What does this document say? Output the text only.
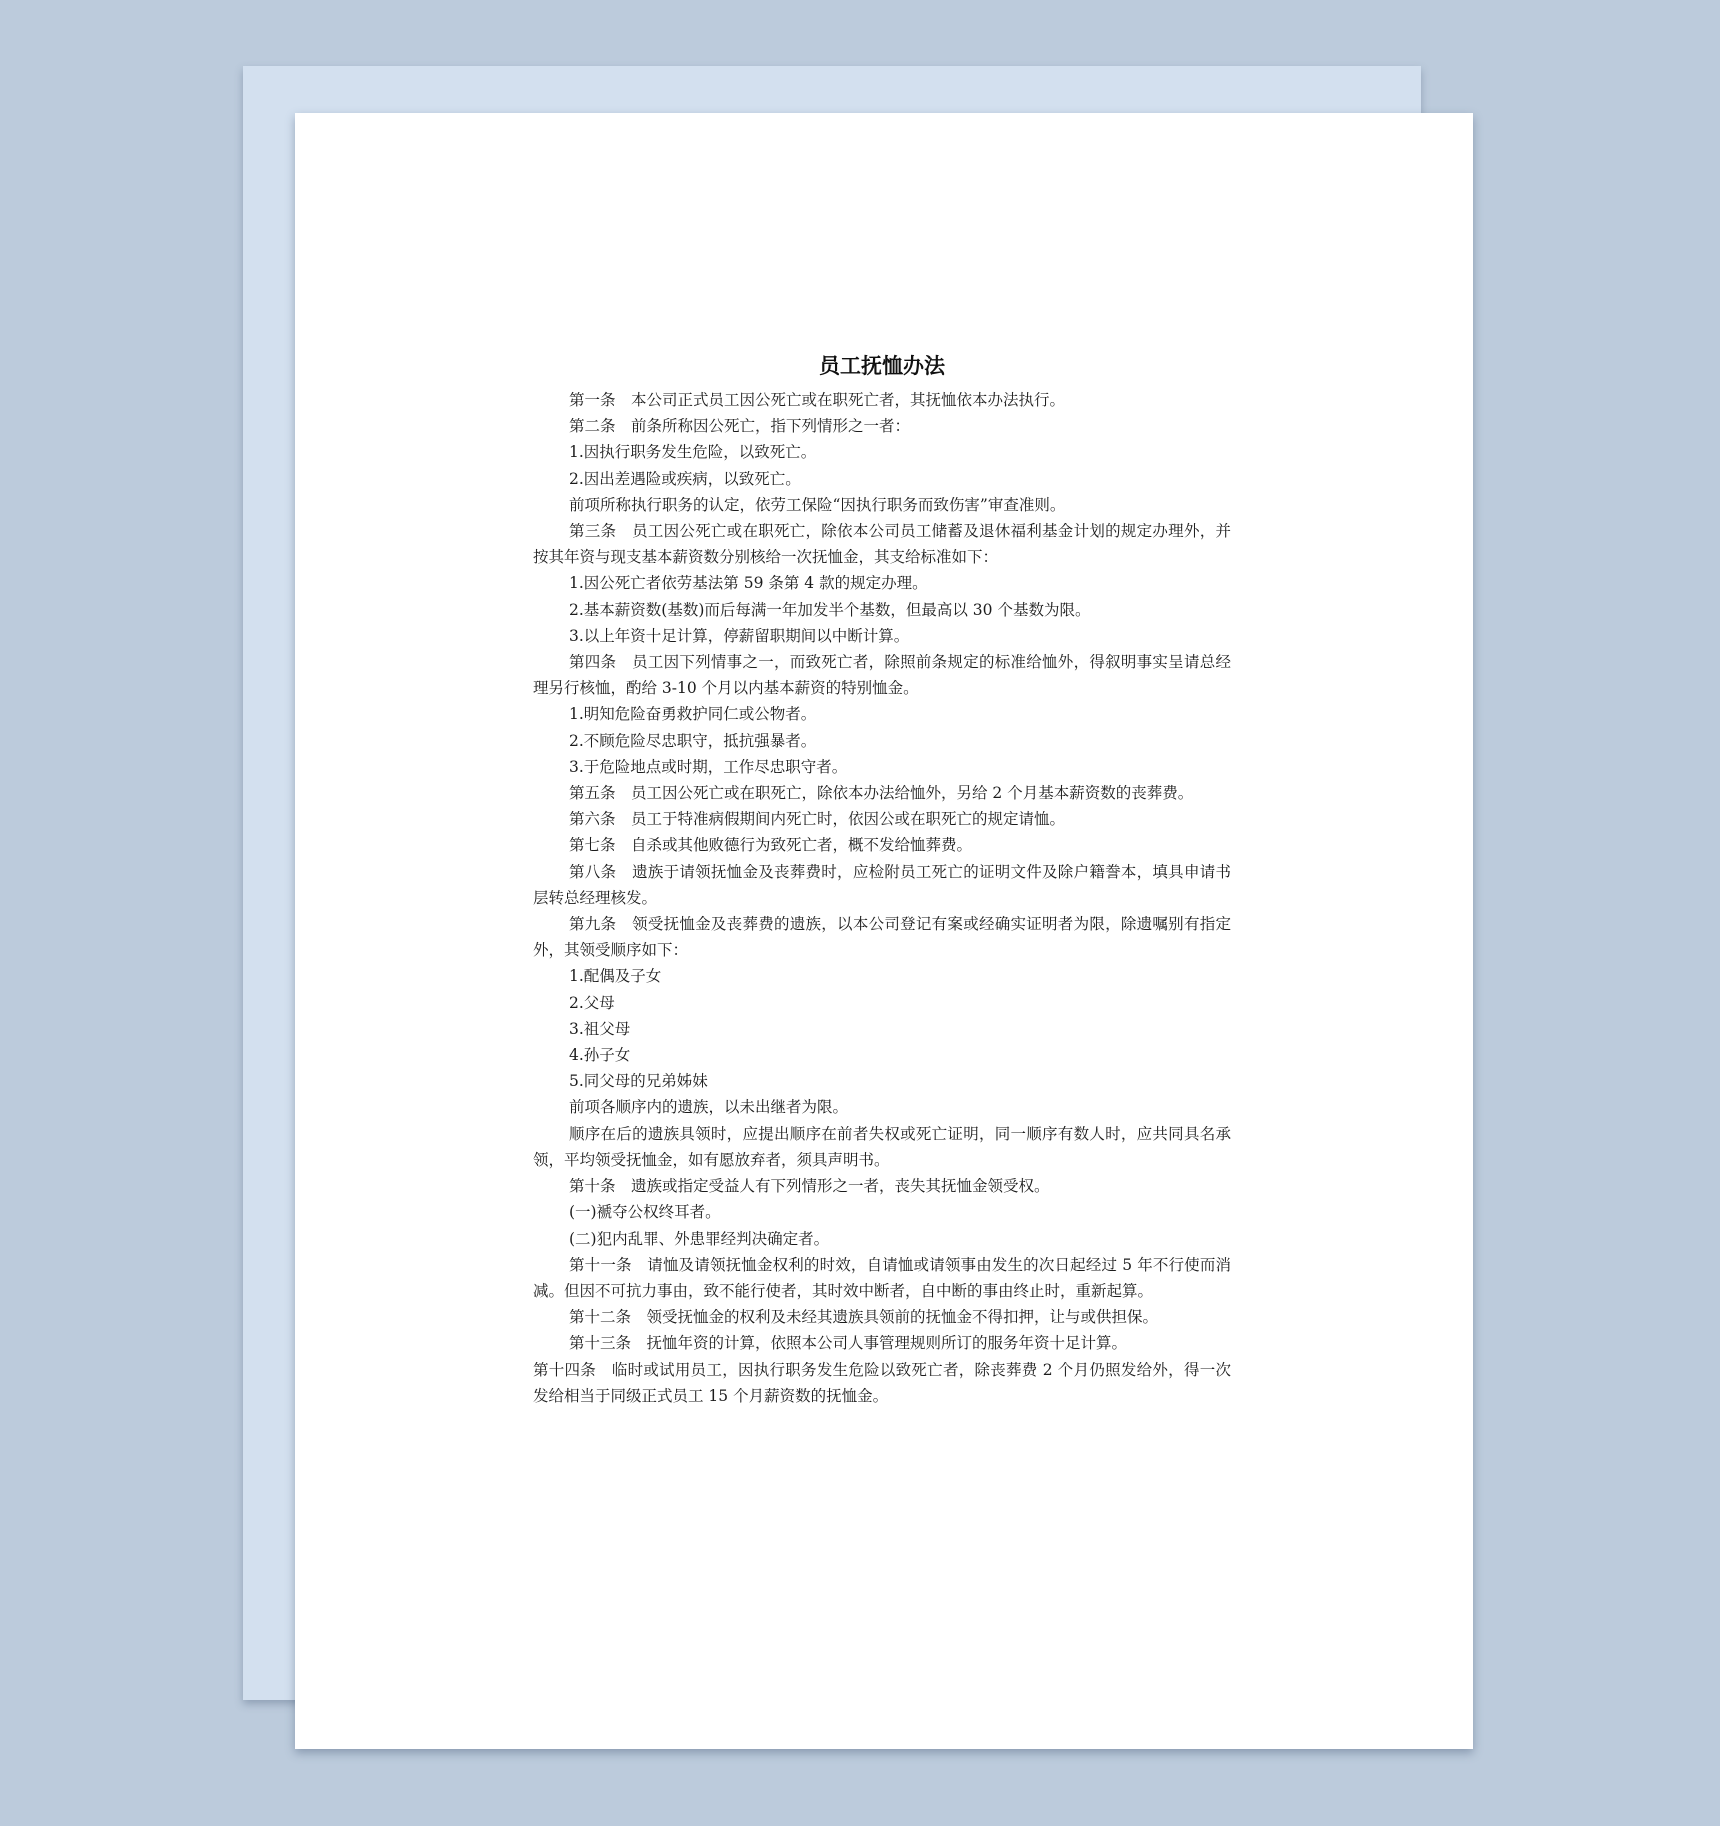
员工抚恤办法

第一条　本公司正式员工因公死亡或在职死亡者，其抚恤依本办法执行。

第二条　前条所称因公死亡，指下列情形之一者：

1.因执行职务发生危险，以致死亡。

2.因出差遇险或疾病，以致死亡。

前项所称执行职务的认定，依劳工保险“因执行职务而致伤害”审查准则。

第三条　员工因公死亡或在职死亡，除依本公司员工储蓄及退休福利基金计划的规定办理外，并按其年资与现支基本薪资数分别核给一次抚恤金，其支给标准如下：

1.因公死亡者依劳基法第 59 条第 4 款的规定办理。

2.基本薪资数(基数)而后每满一年加发半个基数，但最高以 30 个基数为限。

3.以上年资十足计算，停薪留职期间以中断计算。

第四条　员工因下列情事之一，而致死亡者，除照前条规定的标准给恤外，得叙明事实呈请总经理另行核恤，酌给 3-10 个月以内基本薪资的特别恤金。

1.明知危险奋勇救护同仁或公物者。

2.不顾危险尽忠职守，抵抗强暴者。

3.于危险地点或时期，工作尽忠职守者。

第五条　员工因公死亡或在职死亡，除依本办法给恤外，另给 2 个月基本薪资数的丧葬费。

第六条　员工于特准病假期间内死亡时，依因公或在职死亡的规定请恤。

第七条　自杀或其他败德行为致死亡者，概不发给恤葬费。

第八条　遗族于请领抚恤金及丧葬费时，应检附员工死亡的证明文件及除户籍誊本，填具申请书层转总经理核发。

第九条　领受抚恤金及丧葬费的遗族，以本公司登记有案或经确实证明者为限，除遗嘱别有指定外，其领受顺序如下：

1.配偶及子女

2.父母

3.祖父母

4.孙子女

5.同父母的兄弟姊妹

前项各顺序内的遗族，以未出继者为限。

顺序在后的遗族具领时，应提出顺序在前者失权或死亡证明，同一顺序有数人时，应共同具名承领，平均领受抚恤金，如有愿放弃者，须具声明书。

第十条　遗族或指定受益人有下列情形之一者，丧失其抚恤金领受权。

(一)褫夺公权终耳者。

(二)犯内乱罪、外患罪经判决确定者。

第十一条　请恤及请领抚恤金权利的时效，自请恤或请领事由发生的次日起经过 5 年不行使而消减。但因不可抗力事由，致不能行使者，其时效中断者，自中断的事由终止时，重新起算。

第十二条　领受抚恤金的权利及未经其遗族具领前的抚恤金不得扣押，让与或供担保。

第十三条　抚恤年资的计算，依照本公司人事管理规则所订的服务年资十足计算。

第十四条　临时或试用员工，因执行职务发生危险以致死亡者，除丧葬费 2 个月仍照发给外，得一次发给相当于同级正式员工 15 个月薪资数的抚恤金。
